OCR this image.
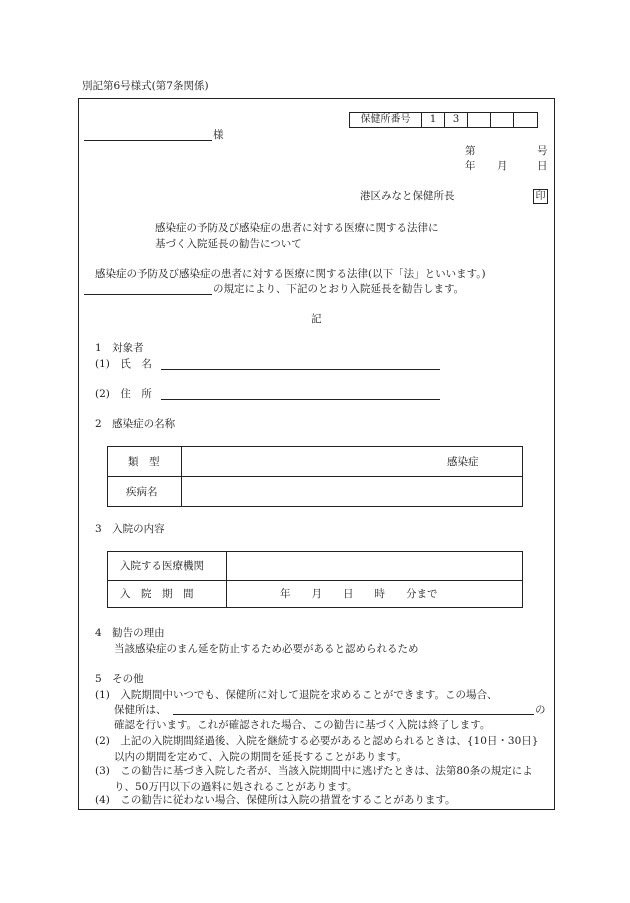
別記第6号様式(第7条関係)
保健所番号	1	3
様
第	号
年 月	日
港区みなと保健所長	印
感染症の予防及び感染症の患者に対する医療に関する法律に
基づく入院延長の勧告について
感染症の予防及び感染症の患者に対する医療に関する法律(以下「法」といいます。)
の規定により、下記のとおり入院延長を勧告します。
記
1　対象者
(1)　氏　名
(2)　住　所
2　感染症の名称
類　型	感染症
疾病名
3　入院の内容
入院する医療機関
入　院　期　間	年　　月　　日　　時　　分まで
4　勧告の理由
当該感染症のまん延を防止するため必要があると認められるため
5　その他
(1)　入院期間中いつでも、保健所に対して退院を求めることができます。この場合、
保健所は、	の
確認を行います。これが確認された場合、この勧告に基づく入院は終了します。
(2)　上記の入院期間経過後、入院を継続する必要があると認められるときは、{10日・30日} 以内の期間を定めて、入院の期間を延長することがあります。
(3)　この勧告に基づき入院した者が、当該入院期間中に逃げたときは、法第80条の規定により、50万円以下の過料に処されることがあります。
(4)　この勧告に従わない場合、保健所は入院の措置をすることがあります。
